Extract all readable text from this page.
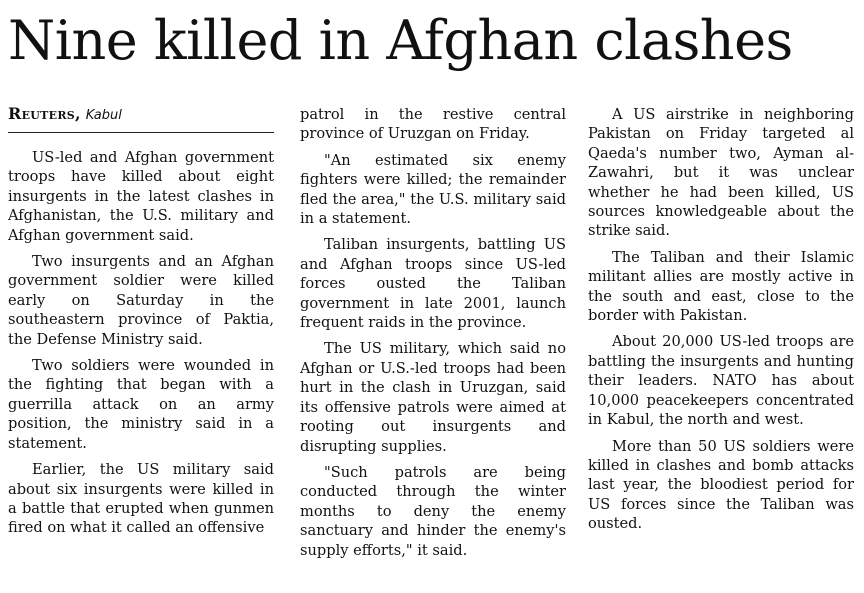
Nine killed in Afghan clashes
Reuters, Kabul

US-led and Afghan government troops have killed about eight insurgents in the latest clashes in Afghanistan, the U.S. military and Afghan government said.

Two insurgents and an Afghan government soldier were killed early on Saturday in the southeastern province of Paktia, the Defense Ministry said.

Two soldiers were wounded in the fighting that began with a guerrilla attack on an army position, the ministry said in a statement.

Earlier, the US military said about six insurgents were killed in a battle that erupted when gunmen fired on what it called an offensive

patrol in the restive central province of Uruzgan on Friday.

"An estimated six enemy fighters were killed; the remainder fled the area," the U.S. military said in a statement.

Taliban insurgents, battling US and Afghan troops since US-led forces ousted the Taliban government in late 2001, launch frequent raids in the province.

The US military, which said no Afghan or U.S.-led troops had been hurt in the clash in Uruzgan, said its offensive patrols were aimed at rooting out insurgents and disrupting supplies.

"Such patrols are being conducted through the winter months to deny the enemy sanctuary and hinder the enemy's supply efforts," it said.

A US airstrike in neighboring Pakistan on Friday targeted al Qaeda's number two, Ayman al-Zawahri, but it was unclear whether he had been killed, US sources knowledgeable about the strike said.

The Taliban and their Islamic militant allies are mostly active in the south and east, close to the border with Pakistan.

About 20,000 US-led troops are battling the insurgents and hunting their leaders. NATO has about 10,000 peacekeepers concentrated in Kabul, the north and west.

More than 50 US soldiers were killed in clashes and bomb attacks last year, the bloodiest period for US forces since the Taliban was ousted.
